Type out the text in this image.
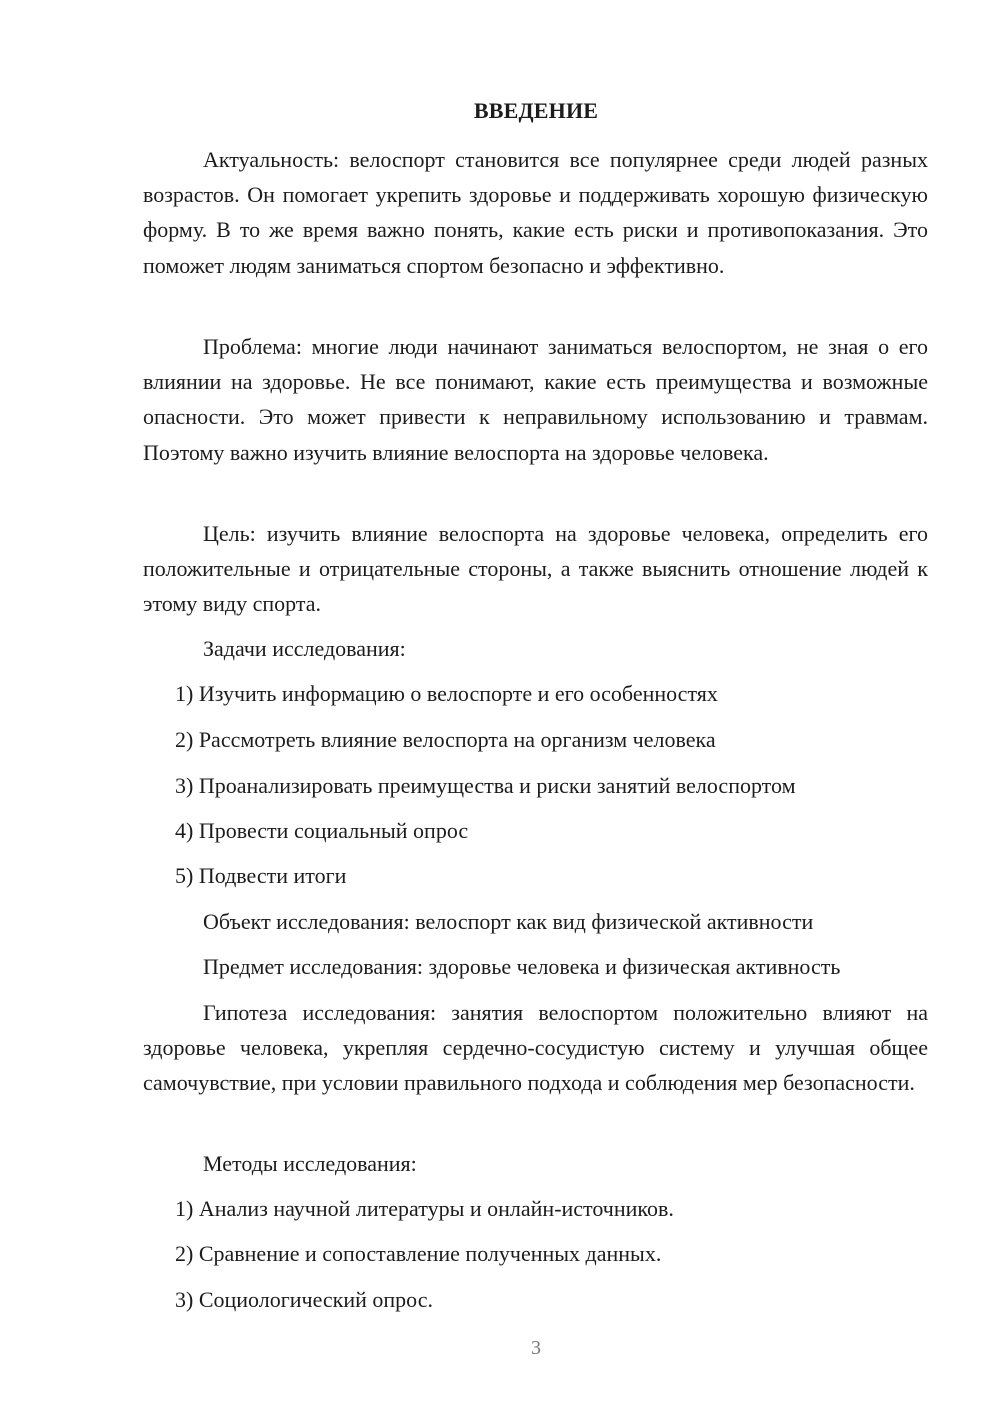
ВВЕДЕНИЕ

Актуальность: велоспорт становится все популярнее среди людей разных возрастов. Он помогает укрепить здоровье и поддерживать хорошую физическую форму. В то же время важно понять, какие есть риски и противопоказания. Это поможет людям заниматься спортом безопасно и эффективно.

Проблема: многие люди начинают заниматься велоспортом, не зная о его влиянии на здоровье. Не все понимают, какие есть преимущества и возможные опасности. Это может привести к неправильному использованию и травмам. Поэтому важно изучить влияние велоспорта на здоровье человека.

Цель: изучить влияние велоспорта на здоровье человека, определить его положительные и отрицательные стороны, а также выяснить отношение людей к этому виду спорта.

Задачи исследования:

1) Изучить информацию о велоспорте и его особенностях

2) Рассмотреть влияние велоспорта на организм человека

3) Проанализировать преимущества и риски занятий велоспортом

4) Провести социальный опрос

5) Подвести итоги

Объект исследования: велоспорт как вид физической активности

Предмет исследования: здоровье человека и физическая активность

Гипотеза исследования: занятия велоспортом положительно влияют на здоровье человека, укрепляя сердечно-сосудистую систему и улучшая общее самочувствие, при условии правильного подхода и соблюдения мер безопасности.

Методы исследования:

1) Анализ научной литературы и онлайн-источников.

2) Сравнение и сопоставление полученных данных.

3) Социологический опрос.

3
